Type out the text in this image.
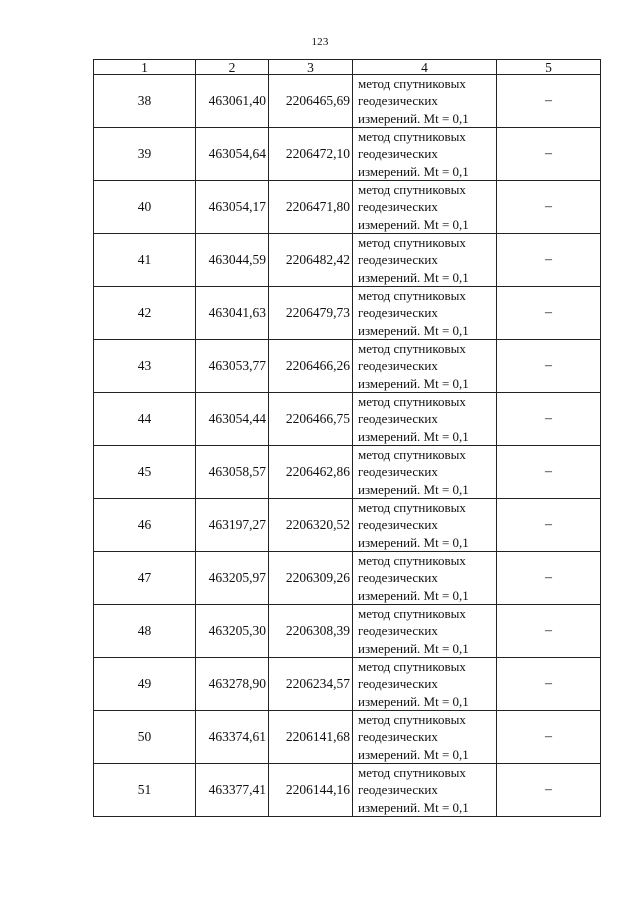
123
1	2	3	4	5
38	463061,40	2206465,69	метод спутниковых
геодезических
измерений. Mt = 0,1	–
39	463054,64	2206472,10	метод спутниковых
геодезических
измерений. Mt = 0,1	–
40	463054,17	2206471,80	метод спутниковых
геодезических
измерений. Mt = 0,1	–
41	463044,59	2206482,42	метод спутниковых
геодезических
измерений. Mt = 0,1	–
42	463041,63	2206479,73	метод спутниковых
геодезических
измерений. Mt = 0,1	–
43	463053,77	2206466,26	метод спутниковых
геодезических
измерений. Mt = 0,1	–
44	463054,44	2206466,75	метод спутниковых
геодезических
измерений. Mt = 0,1	–
45	463058,57	2206462,86	метод спутниковых
геодезических
измерений. Mt = 0,1	–
46	463197,27	2206320,52	метод спутниковых
геодезических
измерений. Mt = 0,1	–
47	463205,97	2206309,26	метод спутниковых
геодезических
измерений. Mt = 0,1	–
48	463205,30	2206308,39	метод спутниковых
геодезических
измерений. Mt = 0,1	–
49	463278,90	2206234,57	метод спутниковых
геодезических
измерений. Mt = 0,1	–
50	463374,61	2206141,68	метод спутниковых
геодезических
измерений. Mt = 0,1	–
51	463377,41	2206144,16	метод спутниковых
геодезических
измерений. Mt = 0,1	–
